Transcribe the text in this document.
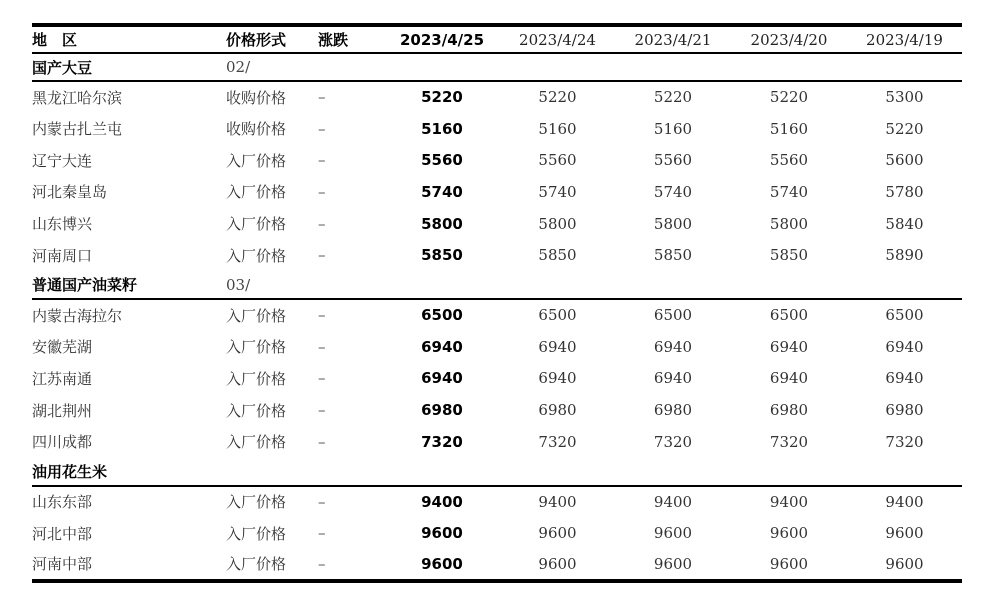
地　区	价格形式	涨跌	2023/4/25	2023/4/24	2023/4/21	2023/4/20	2023/4/19
国产大豆	02/						
黑龙江哈尔滨	收购价格	–	5220	5220	5220	5220	5300
内蒙古扎兰屯	收购价格	–	5160	5160	5160	5160	5220
辽宁大连	入厂价格	–	5560	5560	5560	5560	5600
河北秦皇岛	入厂价格	–	5740	5740	5740	5740	5780
山东博兴	入厂价格	–	5800	5800	5800	5800	5840
河南周口	入厂价格	–	5850	5850	5850	5850	5890
普通国产油菜籽	03/						
内蒙古海拉尔	入厂价格	–	6500	6500	6500	6500	6500
安徽芜湖	入厂价格	–	6940	6940	6940	6940	6940
江苏南通	入厂价格	–	6940	6940	6940	6940	6940
湖北荆州	入厂价格	–	6980	6980	6980	6980	6980
四川成都	入厂价格	–	7320	7320	7320	7320	7320
油用花生米							
山东东部	入厂价格	–	9400	9400	9400	9400	9400
河北中部	入厂价格	–	9600	9600	9600	9600	9600
河南中部	入厂价格	–	9600	9600	9600	9600	9600
